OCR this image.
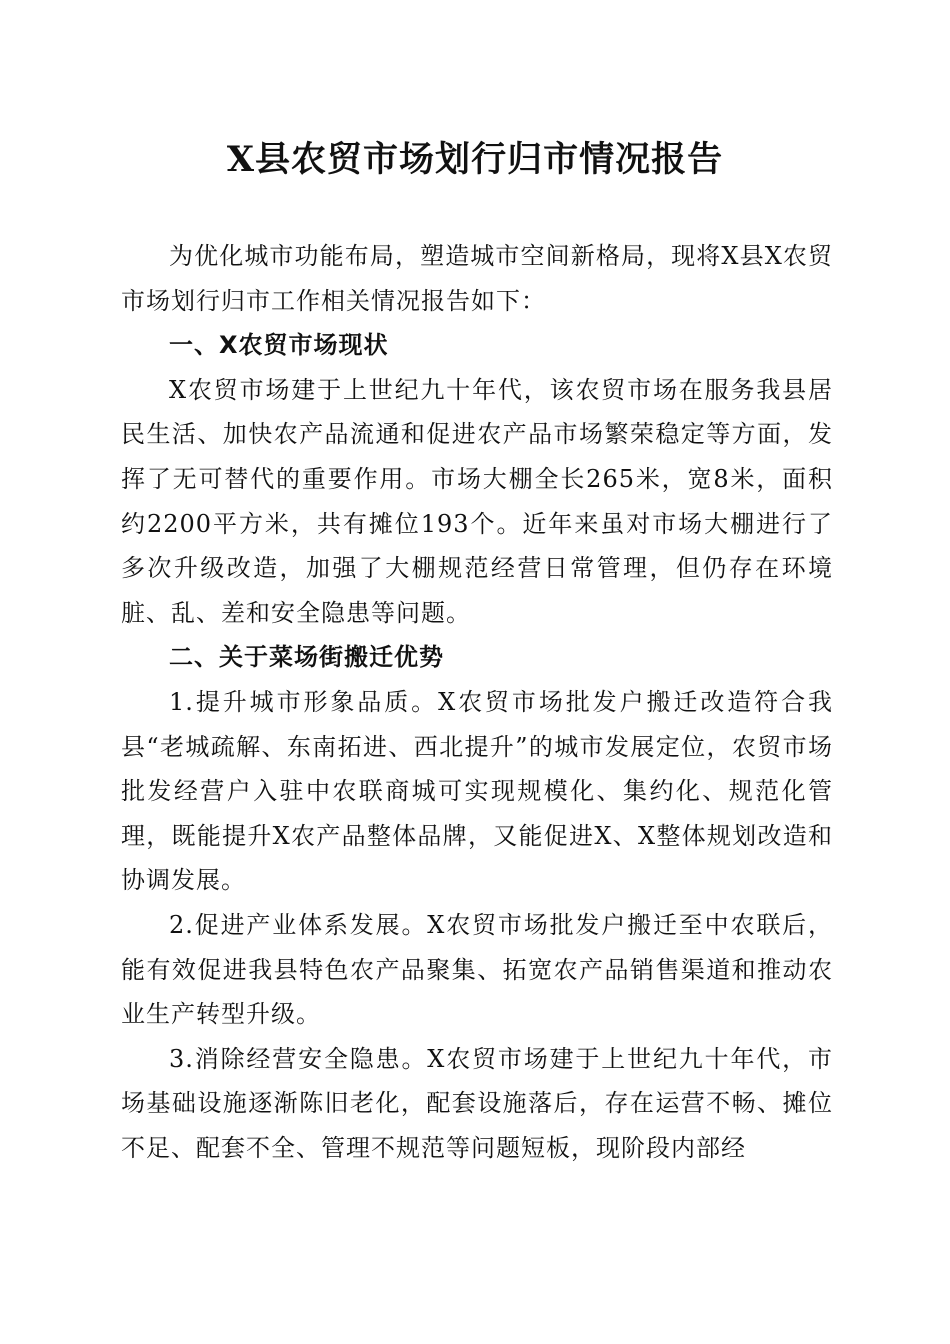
X县农贸市场划行归市情况报告

为优化城市功能布局，塑造城市空间新格局，现将X县X农贸市场划行归市工作相关情况报告如下：

一、X农贸市场现状

X农贸市场建于上世纪九十年代，该农贸市场在服务我县居民生活、加快农产品流通和促进农产品市场繁荣稳定等方面，发挥了无可替代的重要作用。市场大棚全长265米，宽8米，面积约2200平方米，共有摊位193个。近年来虽对市场大棚进行了多次升级改造，加强了大棚规范经营日常管理，但仍存在环境脏、乱、差和安全隐患等问题。

二、关于菜场街搬迁优势

1.提升城市形象品质。X农贸市场批发户搬迁改造符合我县“老城疏解、东南拓进、西北提升”的城市发展定位，农贸市场批发经营户入驻中农联商城可实现规模化、集约化、规范化管理，既能提升X农产品整体品牌，又能促进X、X整体规划改造和协调发展。

2.促进产业体系发展。X农贸市场批发户搬迁至中农联后，能有效促进我县特色农产品聚集、拓宽农产品销售渠道和推动农业生产转型升级。

3.消除经营安全隐患。X农贸市场建于上世纪九十年代，市场基础设施逐渐陈旧老化，配套设施落后，存在运营不畅、摊位不足、配套不全、管理不规范等问题短板，现阶段内部经
